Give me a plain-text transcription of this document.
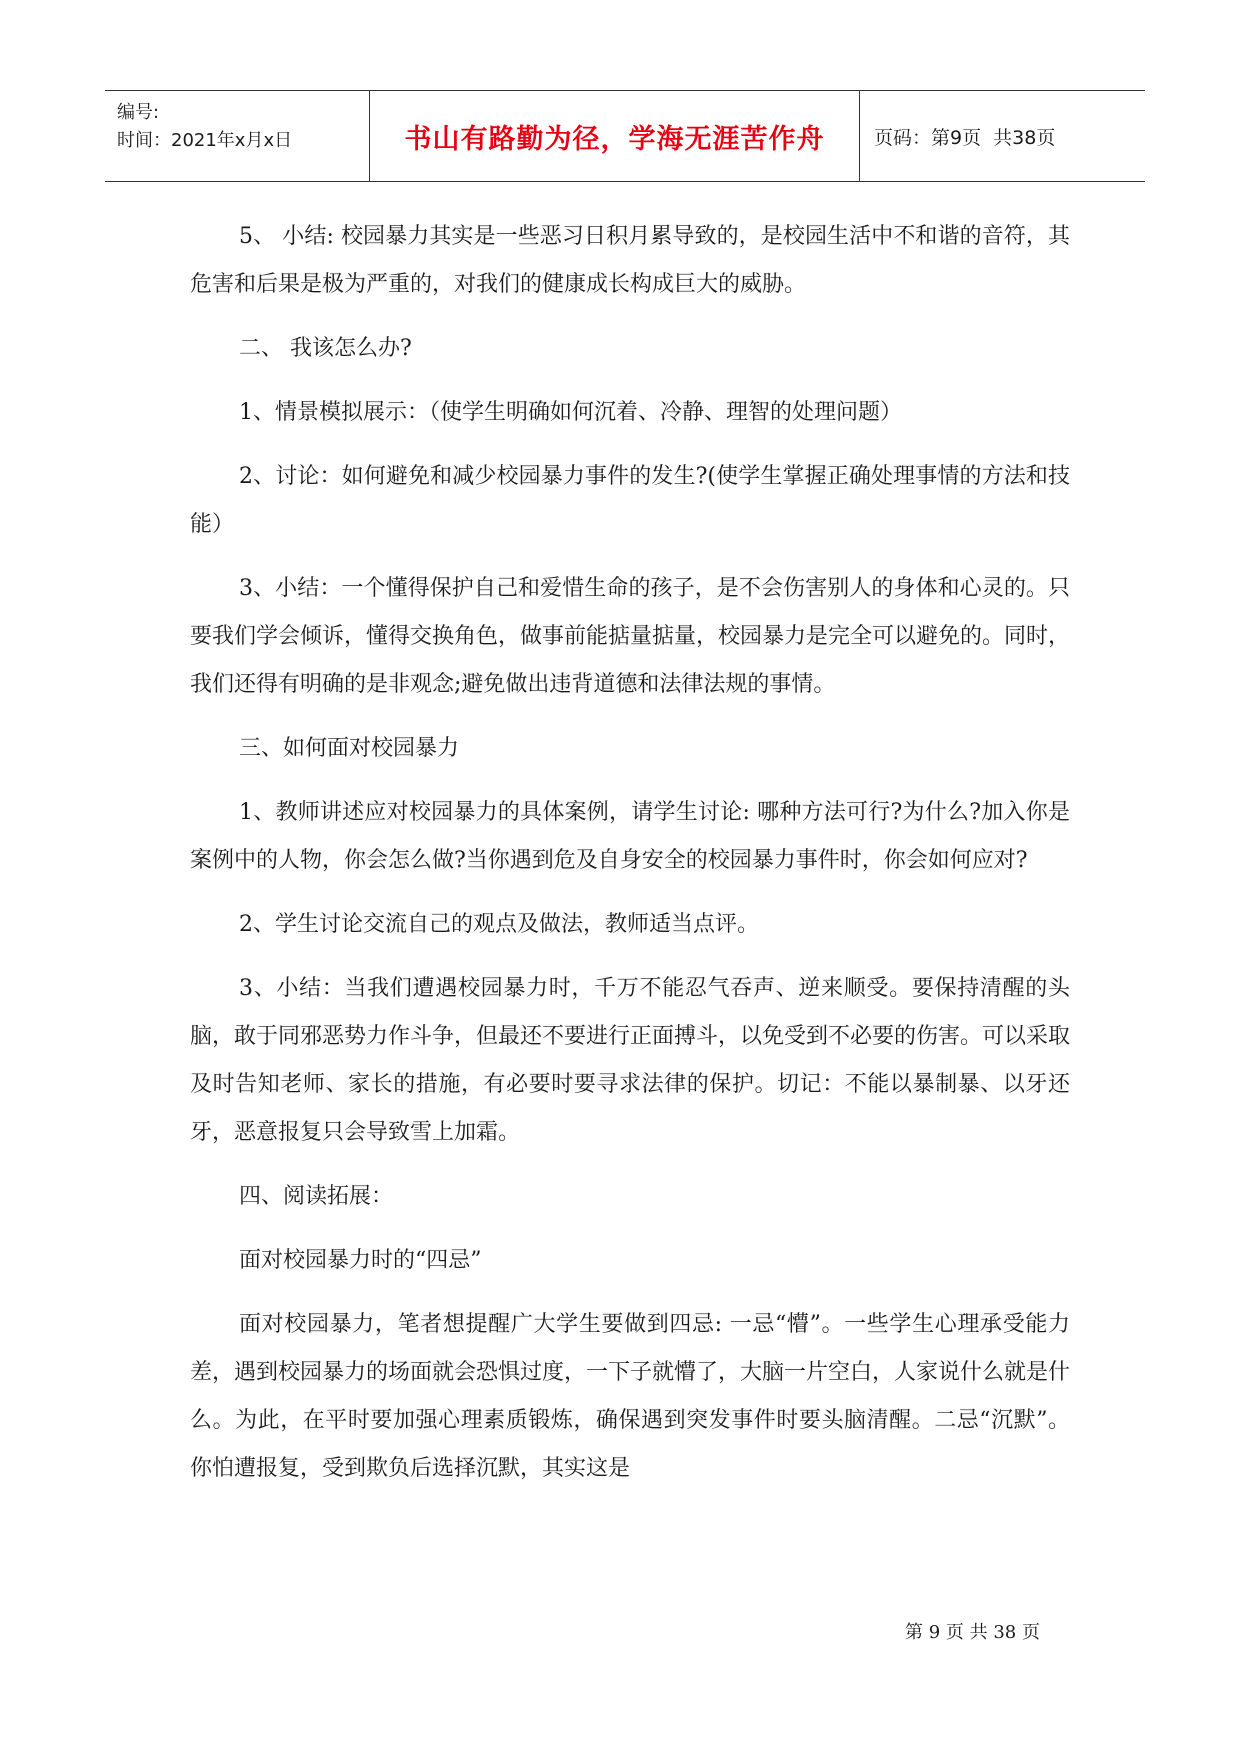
编号:
时间：2021年x月x日	书山有路勤为径，学海无涯苦作舟	页码：第9页  共38页

5、 小结: 校园暴力其实是一些恶习日积月累导致的，是校园生活中不和谐的音符，其危害和后果是极为严重的，对我们的健康成长构成巨大的威胁。

二、 我该怎么办?

1、情景模拟展示：（使学生明确如何沉着、冷静、理智的处理问题）

2、讨论：如何避免和减少校园暴力事件的发生?(使学生掌握正确处理事情的方法和技能）

3、小结：一个懂得保护自己和爱惜生命的孩子，是不会伤害别人的身体和心灵的。只要我们学会倾诉，懂得交换角色，做事前能掂量掂量，校园暴力是完全可以避免的。同时，我们还得有明确的是非观念;避免做出违背道德和法律法规的事情。

三、如何面对校园暴力

1、教师讲述应对校园暴力的具体案例，请学生讨论: 哪种方法可行?为什么?加入你是案例中的人物，你会怎么做?当你遇到危及自身安全的校园暴力事件时，你会如何应对?

2、学生讨论交流自己的观点及做法，教师适当点评。

3、小结：当我们遭遇校园暴力时，千万不能忍气吞声、逆来顺受。要保持清醒的头脑，敢于同邪恶势力作斗争，但最还不要进行正面搏斗，以免受到不必要的伤害。可以采取及时告知老师、家长的措施，有必要时要寻求法律的保护。切记：不能以暴制暴、以牙还牙，恶意报复只会导致雪上加霜。

四、阅读拓展：

面对校园暴力时的“四忌”

面对校园暴力，笔者想提醒广大学生要做到四忌: 一忌“懵”。一些学生心理承受能力差，遇到校园暴力的场面就会恐惧过度，一下子就懵了，大脑一片空白，人家说什么就是什么。为此，在平时要加强心理素质锻炼，确保遇到突发事件时要头脑清醒。二忌“沉默”。你怕遭报复，受到欺负后选择沉默，其实这是

第 9 页 共 38 页
